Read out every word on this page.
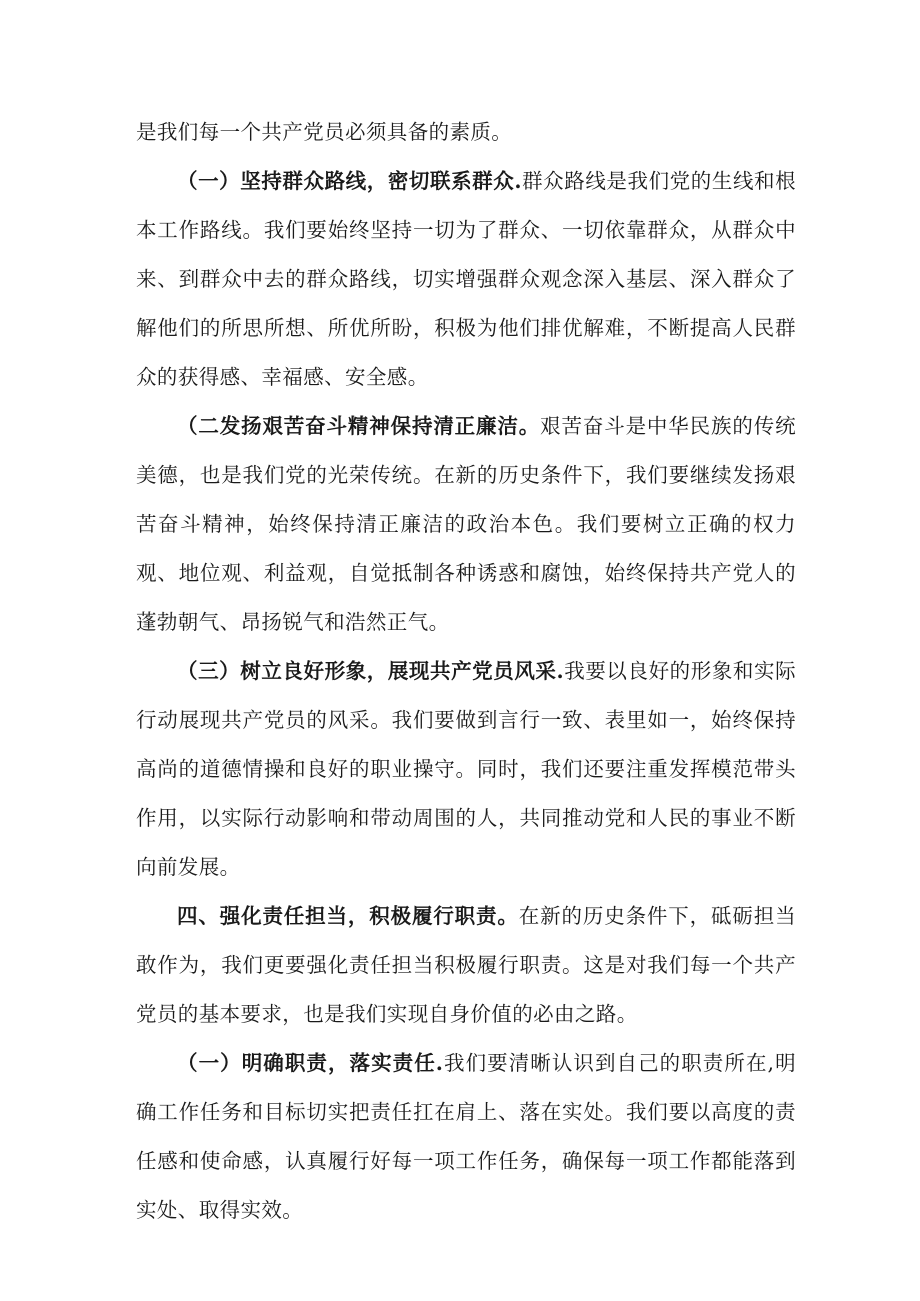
是我们每一个共产党员必须具备的素质。

（一）坚持群众路线，密切联系群众.群众路线是我们党的生线和根本工作路线。我们要始终坚持一切为了群众、一切依靠群众，从群众中来、到群众中去的群众路线，切实增强群众观念深入基层、深入群众了解他们的所思所想、所优所盼，积极为他们排优解难，不断提高人民群众的获得感、幸福感、安全感。

（二发扬艰苦奋斗精神保持清正廉洁。艰苦奋斗是中华民族的传统美德，也是我们党的光荣传统。在新的历史条件下，我们要继续发扬艰苦奋斗精神，始终保持清正廉洁的政治本色。我们要树立正确的权力观、地位观、利益观，自觉抵制各种诱惑和腐蚀，始终保持共产党人的蓬勃朝气、昂扬锐气和浩然正气。

（三）树立良好形象，展现共产党员风采.我要以良好的形象和实际行动展现共产党员的风采。我们要做到言行一致、表里如一，始终保持高尚的道德情操和良好的职业操守。同时，我们还要注重发挥模范带头作用，以实际行动影响和带动周围的人，共同推动党和人民的事业不断向前发展。

四、强化责任担当，积极履行职责。在新的历史条件下，砥砺担当敢作为，我们更要强化责任担当积极履行职责。这是对我们每一个共产党员的基本要求，也是我们实现自身价值的必由之路。

（一）明确职责，落实责任.我们要清晰认识到自己的职责所在,明确工作任务和目标切实把责任扛在肩上、落在实处。我们要以高度的责任感和使命感，认真履行好每一项工作任务，确保每一项工作都能落到实处、取得实效。
